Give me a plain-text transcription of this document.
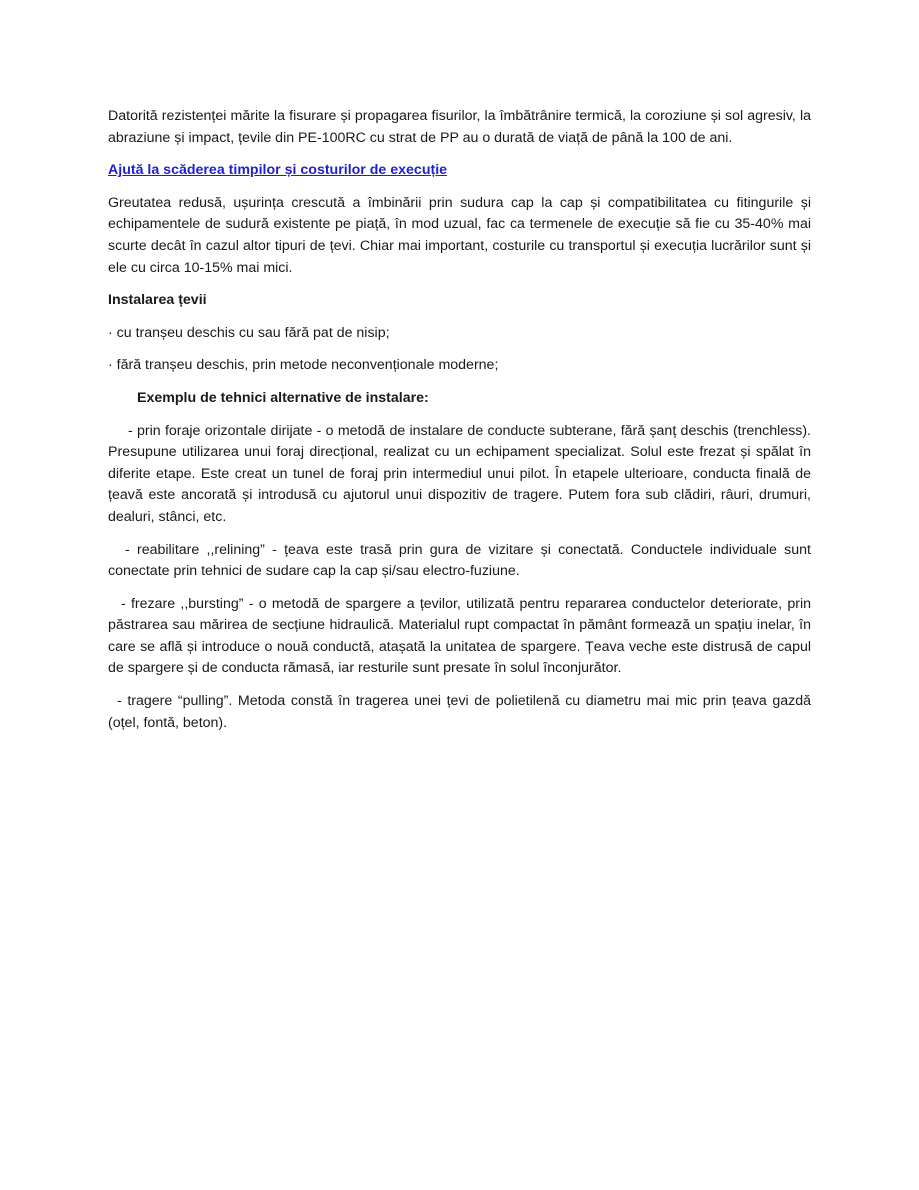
Datorită rezistenței mărite la fisurare și propagarea fisurilor, la îmbătrânire termică, la coroziune și sol agresiv, la abraziune și impact, țevile din PE-100RC cu strat de PP au o durată de viață de până la 100 de ani.

Ajută la scăderea timpilor și costurilor de execuție

Greutatea redusă, ușurința crescută a îmbinării prin sudura cap la cap și compatibilitatea cu fitingurile și echipamentele de sudură existente pe piață, în mod uzual, fac ca termenele de execuție să fie cu 35-40% mai scurte decât în cazul altor tipuri de țevi. Chiar mai important, costurile cu transportul și execuția lucrărilor sunt și ele cu circa 10-15% mai mici.

Instalarea țevii

· cu tranșeu deschis cu sau fără pat de nisip;

· fără tranșeu deschis, prin metode neconvenționale moderne;

Exemplu de tehnici alternative de instalare:

- prin foraje orizontale dirijate - o metodă de instalare de conducte subterane, fără șanț deschis (trenchless). Presupune utilizarea unui foraj direcțional, realizat cu un echipament specializat. Solul este frezat și spălat în diferite etape. Este creat un tunel de foraj prin intermediul unui pilot. În etapele ulterioare, conducta finală de țeavă este ancorată și introdusă cu ajutorul unui dispozitiv de tragere. Putem fora sub clădiri, râuri, drumuri, dealuri, stânci, etc.

- reabilitare ,,relining” - țeava este trasă prin gura de vizitare și conectată. Conductele individuale sunt conectate prin tehnici de sudare cap la cap și/sau electro-fuziune.

- frezare ,,bursting” - o metodă de spargere a țevilor, utilizată pentru repararea conductelor deteriorate, prin păstrarea sau mărirea de secțiune hidraulică. Materialul rupt compactat în pământ formează un spațiu inelar, în care se află și introduce o nouă conductă, atașată la unitatea de spargere. Țeava veche este distrusă de capul de spargere și de conducta rămasă, iar resturile sunt presate în solul înconjurător.

- tragere “pulling”. Metoda constă în tragerea unei țevi de polietilenă cu diametru mai mic prin țeava gazdă (oțel, fontă, beton).
